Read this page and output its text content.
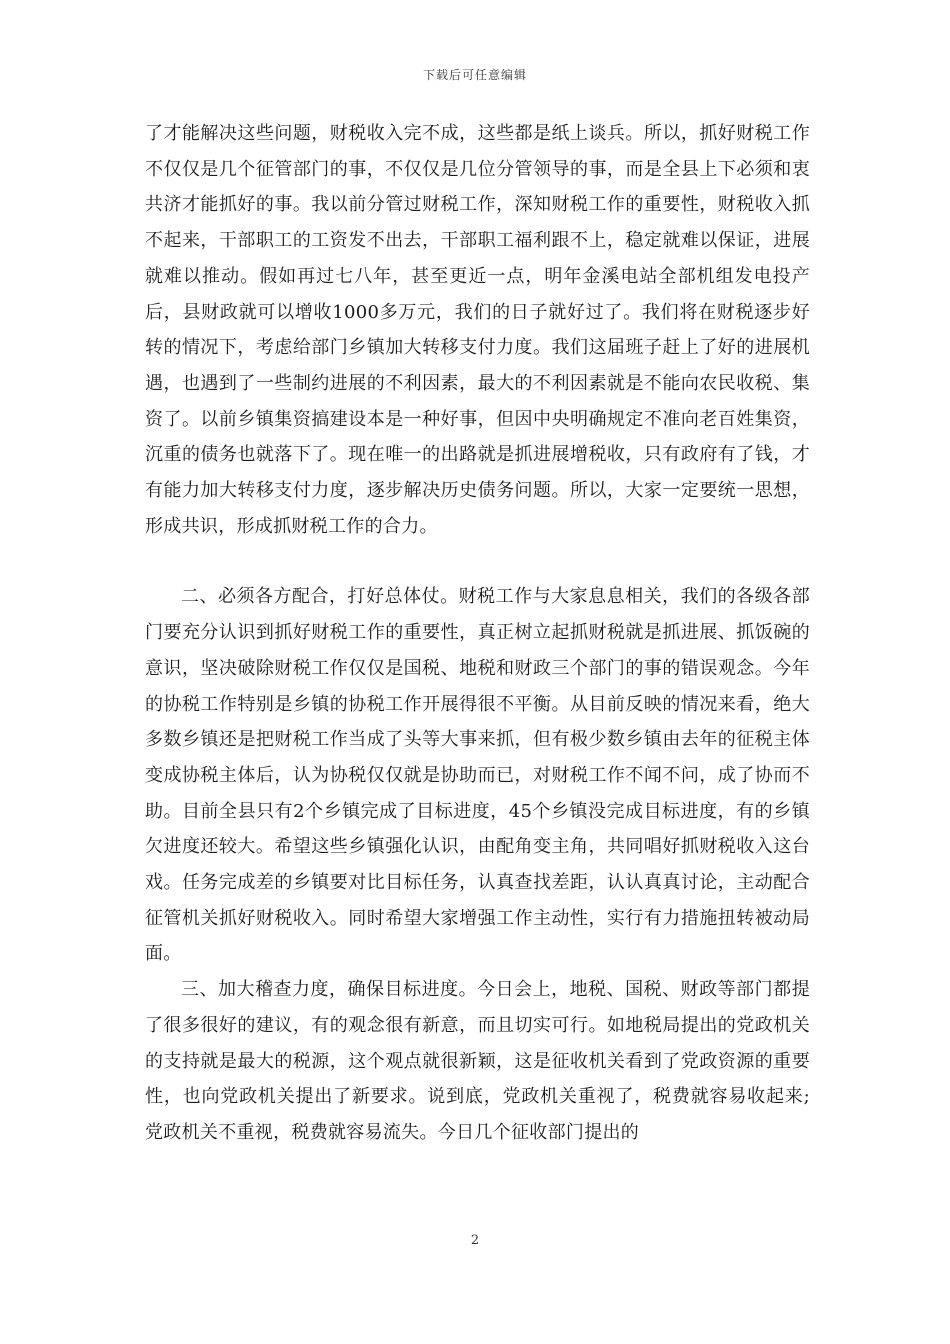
下载后可任意编辑

了才能解决这些问题，财税收入完不成，这些都是纸上谈兵。所以，抓好财税工作不仅仅是几个征管部门的事，不仅仅是几位分管领导的事，而是全县上下必须和衷共济才能抓好的事。我以前分管过财税工作，深知财税工作的重要性，财税收入抓不起来，干部职工的工资发不出去，干部职工福利跟不上，稳定就难以保证，进展就难以推动。假如再过七八年，甚至更近一点，明年金溪电站全部机组发电投产后，县财政就可以增收1000多万元，我们的日子就好过了。我们将在财税逐步好转的情况下，考虑给部门乡镇加大转移支付力度。我们这届班子赶上了好的进展机遇，也遇到了一些制约进展的不利因素，最大的不利因素就是不能向农民收税、集资了。以前乡镇集资搞建设本是一种好事，但因中央明确规定不准向老百姓集资，沉重的债务也就落下了。现在唯一的出路就是抓进展增税收，只有政府有了钱，才有能力加大转移支付力度，逐步解决历史债务问题。所以，大家一定要统一思想，形成共识，形成抓财税工作的合力。

二、必须各方配合，打好总体仗。财税工作与大家息息相关，我们的各级各部门要充分认识到抓好财税工作的重要性，真正树立起抓财税就是抓进展、抓饭碗的意识，坚决破除财税工作仅仅是国税、地税和财政三个部门的事的错误观念。今年的协税工作特别是乡镇的协税工作开展得很不平衡。从目前反映的情况来看，绝大多数乡镇还是把财税工作当成了头等大事来抓，但有极少数乡镇由去年的征税主体变成协税主体后，认为协税仅仅就是协助而已，对财税工作不闻不问，成了协而不助。目前全县只有2个乡镇完成了目标进度，45个乡镇没完成目标进度，有的乡镇欠进度还较大。希望这些乡镇强化认识，由配角变主角，共同唱好抓财税收入这台戏。任务完成差的乡镇要对比目标任务，认真查找差距，认认真真讨论，主动配合征管机关抓好财税收入。同时希望大家增强工作主动性，实行有力措施扭转被动局面。

三、加大稽查力度，确保目标进度。今日会上，地税、国税、财政等部门都提了很多很好的建议，有的观念很有新意，而且切实可行。如地税局提出的党政机关的支持就是最大的税源，这个观点就很新颖，这是征收机关看到了党政资源的重要性，也向党政机关提出了新要求。说到底，党政机关重视了，税费就容易收起来;党政机关不重视，税费就容易流失。今日几个征收部门提出的

2
